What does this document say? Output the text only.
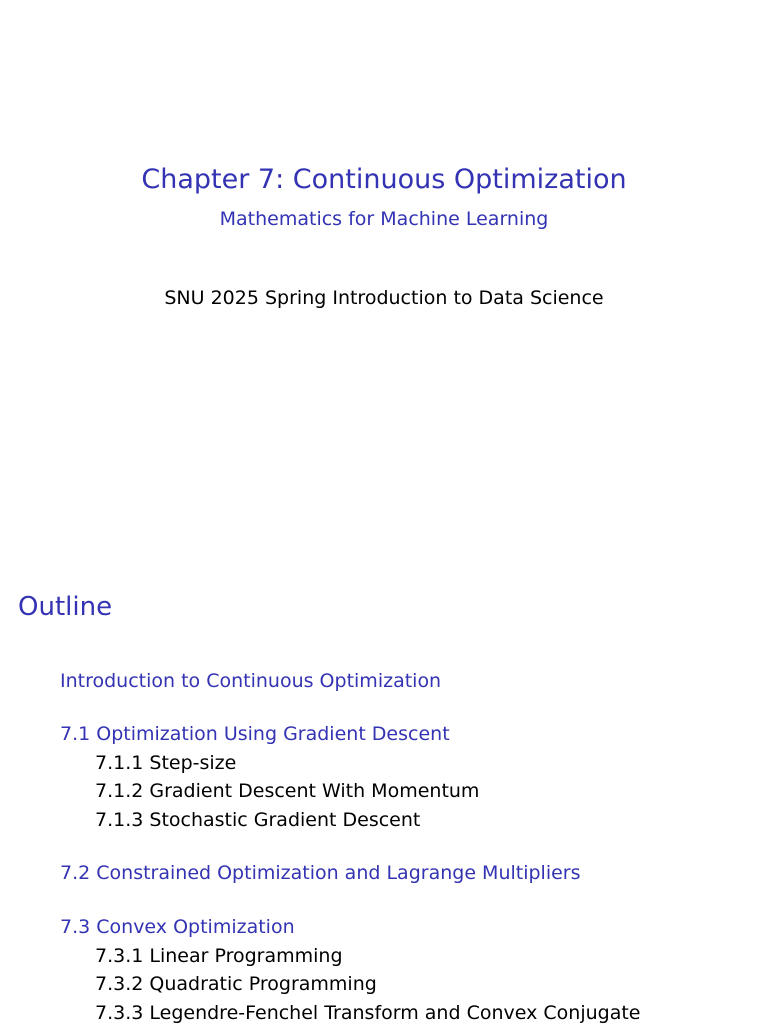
Chapter 7: Continuous Optimization
Mathematics for Machine Learning
SNU 2025 Spring Introduction to Data Science
Outline
Introduction to Continuous Optimization
7.1 Optimization Using Gradient Descent
7.1.1 Step-size
7.1.2 Gradient Descent With Momentum
7.1.3 Stochastic Gradient Descent
7.2 Constrained Optimization and Lagrange Multipliers
7.3 Convex Optimization
7.3.1 Linear Programming
7.3.2 Quadratic Programming
7.3.3 Legendre-Fenchel Transform and Convex Conjugate
